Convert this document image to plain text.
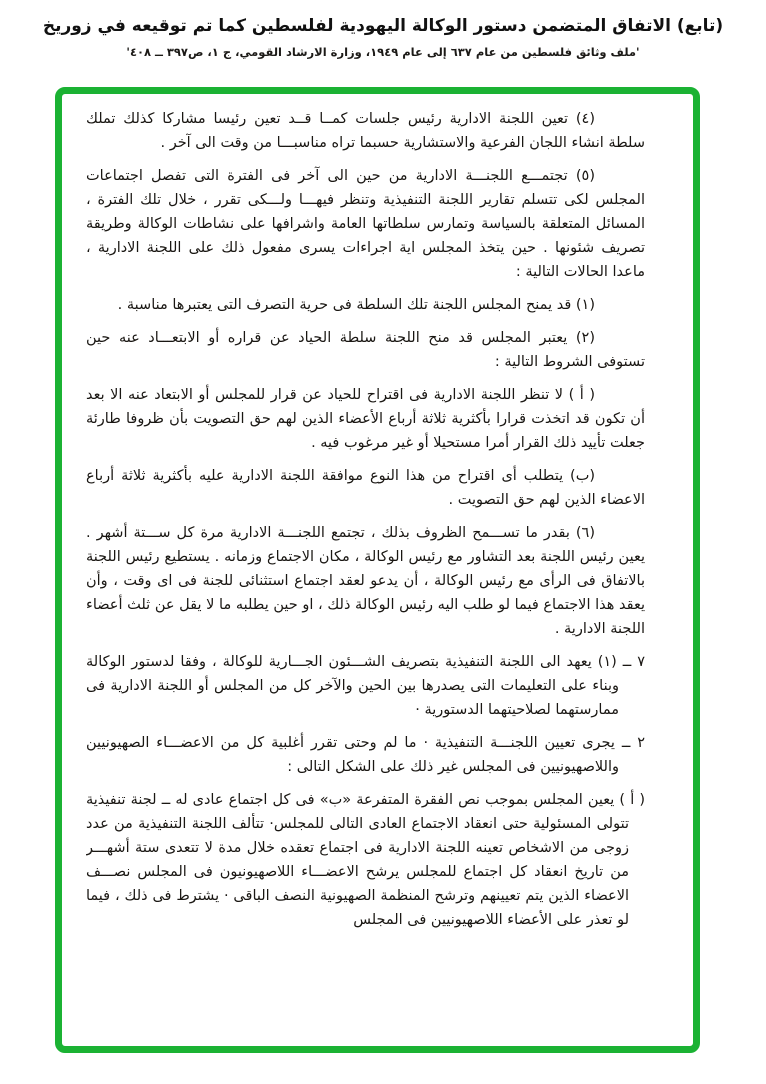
(تابع) الاتفاق المتضمن دستور الوكالة اليهودية لفلسطين كما تم توقيعه في زوريخ
'ملف وثائق فلسطين من عام ٦٣٧ إلى عام ١٩٤٩، وزارة الارشاد القومي، ج ١، ص٣٩٧ ــ ٤٠٨'

(٤) تعين اللجنة الادارية رئيس جلسات كمــا قــد تعين رئيسا مشاركا كذلك تملك سلطة انشاء اللجان الفرعية والاستشارية حسبما تراه مناسبـــا من وقت الى آخر .

(٥) تجتمـــع اللجنـــة الادارية من حين الى آخر فى الفترة التى تفصل اجتماعات المجلس لكى تتسلم تقارير اللجنة التنفيذية وتنظر فيهـــا ولـــكى تقرر ، خلال تلك الفترة ، المسائل المتعلقة بالسياسة وتمارس سلطاتها العامة واشرافها على نشاطات الوكالة وطريقة تصريف شئونها . حين يتخذ المجلس اية اجراءات يسرى مفعول ذلك على اللجنة الادارية ، ماعدا الحالات التالية :

(١) قد يمنح المجلس اللجنة تلك السلطة فى حرية التصرف التى يعتبرها مناسبة .

(٢) يعتبر المجلس قد منح اللجنة سلطة الحياد عن قراره أو الابتعـــاد عنه حين تستوفى الشروط التالية :

( أ ) لا تنظر اللجنة الادارية فى اقتراح للحياد عن قرار للمجلس أو الابتعاد عنه الا بعد أن تكون قد اتخذت قرارا بأكثرية ثلاثة أرباع الأعضاء الذين لهم حق التصويت بأن ظروفا طارئة جعلت تأييد ذلك القرار أمرا مستحيلا أو غير مرغوب فيه .

(ب) يتطلب أى اقتراح من هذا النوع موافقة اللجنة الادارية عليه بأكثرية ثلاثة أرباع الاعضاء الذين لهم حق التصويت .

(٦) بقدر ما تســـمح الظروف بذلك ، تجتمع اللجنـــة الادارية مرة كل ســـتة أشهر . يعين رئيس اللجنة بعد التشاور مع رئيس الوكالة ، مكان الاجتماع وزمانه . يستطيع رئيس اللجنة بالاتفاق فى الرأى مع رئيس الوكالة ، أن يدعو لعقد اجتماع استثنائى للجنة فى اى وقت ، وأن يعقد هذا الاجتماع فيما لو طلب اليه رئيس الوكالة ذلك ، او حين يطلبه ما لا يقل عن ثلث أعضاء اللجنة الادارية .

٧ ــ (١) يعهد الى اللجنة التنفيذية بتصريف الشـــئون الجـــارية للوكالة ، وفقا لدستور الوكالة وبناء على التعليمات التى يصدرها بين الحين والآخر كل من المجلس أو اللجنة الادارية فى ممارستهما لصلاحيتهما الدستورية ·

٢ ــ يجرى تعيين اللجنـــة التنفيذية · ما لم وحتى تقرر أغلبية كل من الاعضـــاء الصهيونيين واللاصهيونيين فى المجلس غير ذلك على الشكل التالى :

( أ ) يعين المجلس بموجب نص الفقرة المتفرعة «ب» فى كل اجتماع عادى له ــ لجنة تنفيذية تتولى المسئولية حتى انعقاد الاجتماع العادى التالى للمجلس· تتألف اللجنة التنفيذية من عدد زوجى من الاشخاص تعينه اللجنة الادارية فى اجتماع تعقده خلال مدة لا تتعدى ستة أشهـــر من تاريخ انعقاد كل اجتماع للمجلس يرشح الاعضـــاء اللاصهيونيون فى المجلس نصـــف الاعضاء الذين يتم تعيينهم وترشح المنظمة الصهيونية النصف الباقى · يشترط فى ذلك ، فيما لو تعذر على الأعضاء اللاصهيونيين فى المجلس
